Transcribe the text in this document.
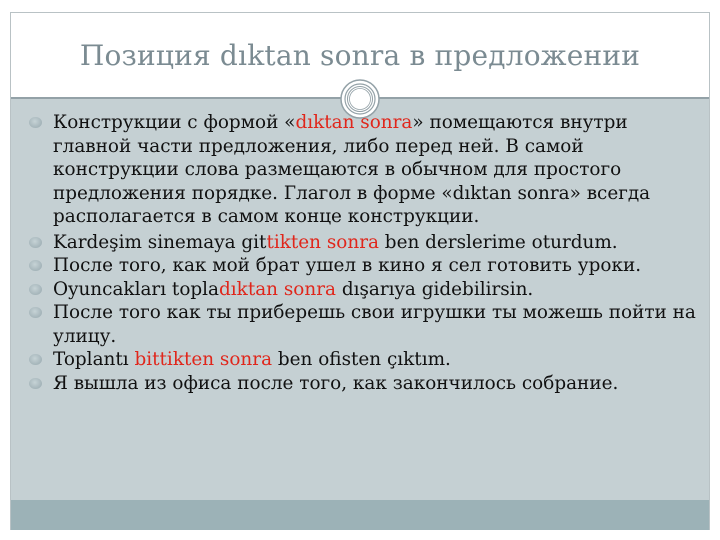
Позиция dıktan sonra в предложении
Конструкции с формой «dıktan sonra» помещаются внутри главной части предложения, либо перед ней. В самой конструкции слова размещаются в обычном для простого предложения порядке. Глагол в форме «dıktan sonra» всегда располагается в самом конце конструкции.
Kardeşim sinemaya gittikten sonra ben derslerime oturdum.
После того, как мой брат ушел в кино я сел готовить уроки.
Oyuncakları topladıktan sonra dışarıya gidebilirsin.
После того как ты приберешь свои игрушки ты можешь пойти на улицу.
Toplantı bittikten sonra ben ofisten çıktım.
Я вышла из офиса после того, как закончилось собрание.
